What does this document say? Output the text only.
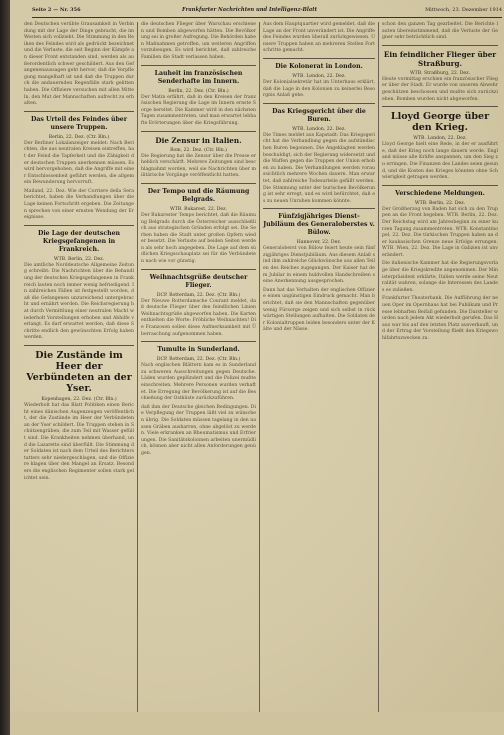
Seite 2 — Nr. 356	Frankfurter Nachrichten und Intelligenz-Blatt	Mittwoch, 23. Dezember 1914
den Deutschen verübte Grausamkeit in Verbindung mit der Lage der Dinge gebracht, die im Westen sich vollzieht. Die Stimmung in den Reihen des Feindes wird als gedrückt bezeichnet und die Verluste, die seit Beginn der Kämpfe an dieser Front entstanden sind, werden als außerordentlich schwer geschildert. Aus den Gefangenenaussagen geht hervor, daß die Verpflegung mangelhaft ist und daß die Truppen durch die andauernden Regenfälle stark gelitten haben. Die Offiziere versuchen mit allen Mitteln, den Mut der Mannschaften aufrecht zu erhalten.
Das Urteil des Feindes über unsere Truppen.
Berlin, 22. Dez. (Ctr. Bln.)
Der Berliner Lokalanzeiger meldet: Nach Berichten, die aus neutralen Kreisen eintreffen, hat der Feind die Tapferkeit und die Zähigkeit der deutschen Truppen anerkennen müssen. Es wird hervorgehoben, daß die Angriffe mit einer Entschlossenheit geführt werden, die allgemein Bewunderung hervorruft.
Mailand, 22. Dez. Wie der Corriere della Sera berichtet, haben die Verhandlungen über die Lage keinen Fortschritt ergeben. Die Zeitungen sprechen von einer ernsten Wendung der Ereignisse.
Die Lage der deutschen Kriegsgefangenen in Frankreich.
WTB. Berlin, 22. Dez.
Die amtliche Norddeutsche Allgemeine Zeitung schreibt: Die Nachrichten über die Behandlung der deutschen Kriegsgefangenen in Frankreich lauten noch immer wenig befriedigend. In zahlreichen Fällen ist festgestellt worden, daß die Gefangenen unzureichend untergebracht und ernährt werden. Die Reichsregierung hat durch Vermittlung einer neutralen Macht wiederholt Vorstellungen erhoben und Abhilfe verlangt. Es darf erwartet werden, daß diese Schritte endlich den gewünschten Erfolg haben werden.
Die Zustände im Heer der Verbündeten an der Yser.
Kopenhagen, 22. Dez. (Ctr. Bln.)
Wiederholt hat das Blatt Politiken einen Bericht eines dänischen Augenzeugen veröffentlicht, der die Zustände im Heer der Verbündeten an der Yser schildert. Die Truppen stehen in Schützengräben, die zum Teil mit Wasser gefüllt sind. Die Krankheiten nehmen überhand, und die Lazarette sind überfüllt. Die Stimmung der Soldaten ist nach dem Urteil des Berichterstatters sehr niedergeschlagen, und die Offiziere klagen über den Mangel an Ersatz. Besonders die englischen Regimenter sollen stark gelichtet sein.
die deutschen Flieger über Warschau erschienen und Bomben abgeworfen hätten. Die Bevölkerung sei in großer Aufregung. Die Behörden haben Maßnahmen getroffen, um weiteren Angriffen vorzubeugen. Es wird berichtet, daß zahlreiche Familien die Stadt verlassen haben.
Lauheit im französischen Senderhafte im Innern.
Berlin, 22. Dez. (Ctr. Bln.)
Der Matin erfährt, daß in den Kreisen der französischen Regierung die Lage im Innern ernste Sorge bereitet. Die Kammer wird in den nächsten Tagen zusammentreten, und man erwartet lebhafte Erörterungen über die Kriegsführung.
Die Zensur in Italien.
Rom, 22. Dez. (Ctr. Bln.)
Die Regierung hat die Zensur über die Presse erheblich verschärft. Mehrere Zeitungen sind beschlagnahmt worden, weil sie Nachrichten über militärische Vorgänge veröffentlicht hatten.
Der Tempo und die Räumung Belgrads.
WTB. Bukarest, 22. Dez.
Der Bukarester Tempo berichtet, daß die Räumung Belgrads durch die Österreicher ausschließlich aus strategischen Gründen erfolgt sei. Die Serben haben die Stadt unter großen Opfern wieder besetzt. Die Verluste auf beiden Seiten werden als sehr hoch angegeben. Die Lage auf dem südlichen Kriegsschauplatz sei für die Verbündeten nach wie vor günstig.
Weihnachtsgrüße deutscher Flieger.
DCP. Rotterdam, 22. Dez. (Ctr. Bln.)
Der Nieuwe Rotterdamsche Courant meldet, daß deutsche Flieger über den feindlichen Linien Weihnachtsgrüße abgeworfen haben. Die Karten enthielten die Worte: Fröhliche Weihnachten! Die Franzosen sollen diese Aufmerksamkeit mit Überraschung aufgenommen haben.
Tumulte in Sunderland.
DCP. Rotterdam, 22. Dez. (Ctr. Bln.)
Nach englischen Blättern kam es in Sunderland zu schweren Ausschreitungen gegen Deutsche. Läden wurden geplündert und die Polizei mußte einschreiten. Mehrere Personen wurden verhaftet. Die Erregung der Bevölkerung ist auf die Beschießung der Ostküste zurückzuführen.
daß ihm der Deutsche gleichen Bedingungen. Die Verpflegung der Truppen läßt viel zu wünschen übrig. Die Soldaten müssen tagelang in den nassen Gräben ausharren, ohne abgelöst zu werden. Viele erkranken an Rheumatismus und Erfrierungen. Die Sanitätskolonnen arbeiten unermüdlich, können aber nicht allen Anforderungen genügen.
Aus dem Hauptquartier wird gemeldet, daß die Lage an der Front unverändert ist. Die Angriffe des Feindes wurden überall zurückgewiesen. Unsere Truppen haben an mehreren Stellen Fortschritte gemacht.
Die Kolonerat in London.
WTB. London, 22. Dez.
Der Kolonialsekretär hat im Unterhaus erklärt, daß die Lage in den Kolonien zu keinerlei Besorgnis Anlaß gebe.
Das Kriegsgericht über die Buren.
WTB. London, 22. Dez.
Die Times meldet aus Kapstadt: Das Kriegsgericht hat die Verhandlung gegen die aufständischen Buren begonnen. Die Angeklagten werden beschuldigt, sich der Regierung widersetzt und die Waffen gegen die Truppen der Union erhoben zu haben. Die Verhandlungen werden voraussichtlich mehrere Wochen dauern. Man erwartet, daß zahlreiche Todesurteile gefällt werden. Die Stimmung unter der burischen Bevölkerung ist sehr erregt, und es wird befürchtet, daß es zu neuen Unruhen kommen könnte.
Fünfzigjähriges Dienst-Jubiläum des Generaloberstes v. Bülow.
Hannover, 22. Dez.
Generaloberst von Bülow feiert heute sein fünfzigjähriges Dienstjubiläum. Aus diesem Anlaß sind ihm zahlreiche Glückwünsche aus allen Teilen des Reiches zugegangen. Der Kaiser hat dem Jubilar in einem huldvollen Handschreiben seine Anerkennung ausgesprochen.
Dann hat das Verhalten der englischen Offiziere einen ungünstigen Eindruck gemacht. Man berichtet, daß sie den Mannschaften gegenüber wenig Fürsorge zeigen und sich selbst in rückwärtigen Stellungen aufhalten. Die Soldaten der Kolonialtruppen leiden besonders unter der Kälte und der Nässe.
schon den ganzen Tag gearbeitet. Die Berichte lauten übereinstimmend, daß die Verluste der Gegner sehr beträchtlich sind.
Ein feindlicher Flieger über Straßburg.
WTB. Straßburg, 22. Dez.
Heute vormittag erschien ein französischer Flieger über der Stadt. Er wurde von unseren Abwehrgeschützen beschossen und mußte sich zurückziehen. Bomben wurden nicht abgeworfen.
Lloyd George über den Krieg.
WTB. London, 22. Dez.
Lloyd George hielt eine Rede, in der er ausführte, daß der Krieg noch lange dauern werde. England müsse alle Kräfte anspannen, um den Sieg zu erringen. Die Finanzen des Landes seien gesund, und die Kosten des Krieges könnten ohne Schwierigkeit getragen werden.
Verschiedene Meldungen.
WTB. Berlin, 22. Dez.
Der Großherzog von Baden hat sich zu den Truppen an die Front begeben. WTB. Berlin, 22. Dez. Der Reichstag wird am Jahresbeginn zu einer kurzen Tagung zusammentreten. WTB. Konstantinopel, 22. Dez. Die türkischen Truppen haben an der kaukasischen Grenze neue Erfolge errungen. WTB. Wien, 22. Dez. Die Lage in Galizien ist unverändert.
Die italienische Kammer hat die Regierungsvorlage über die Kriegskredite angenommen. Der Ministerpräsident erklärte, Italien werde seine Neutralität wahren, solange die Interessen des Landes es zuließen.
Frankfurter Theaterbank. Die Aufführung der neuen Oper im Opernhaus hat bei Publikum und Presse lebhaften Beifall gefunden. Die Darsteller wurden nach jedem Akt wiederholt gerufen. Das Haus war bis auf den letzten Platz ausverkauft, und der Ertrag der Vorstellung fließt den Kriegswohlfahrtszwecken zu.
